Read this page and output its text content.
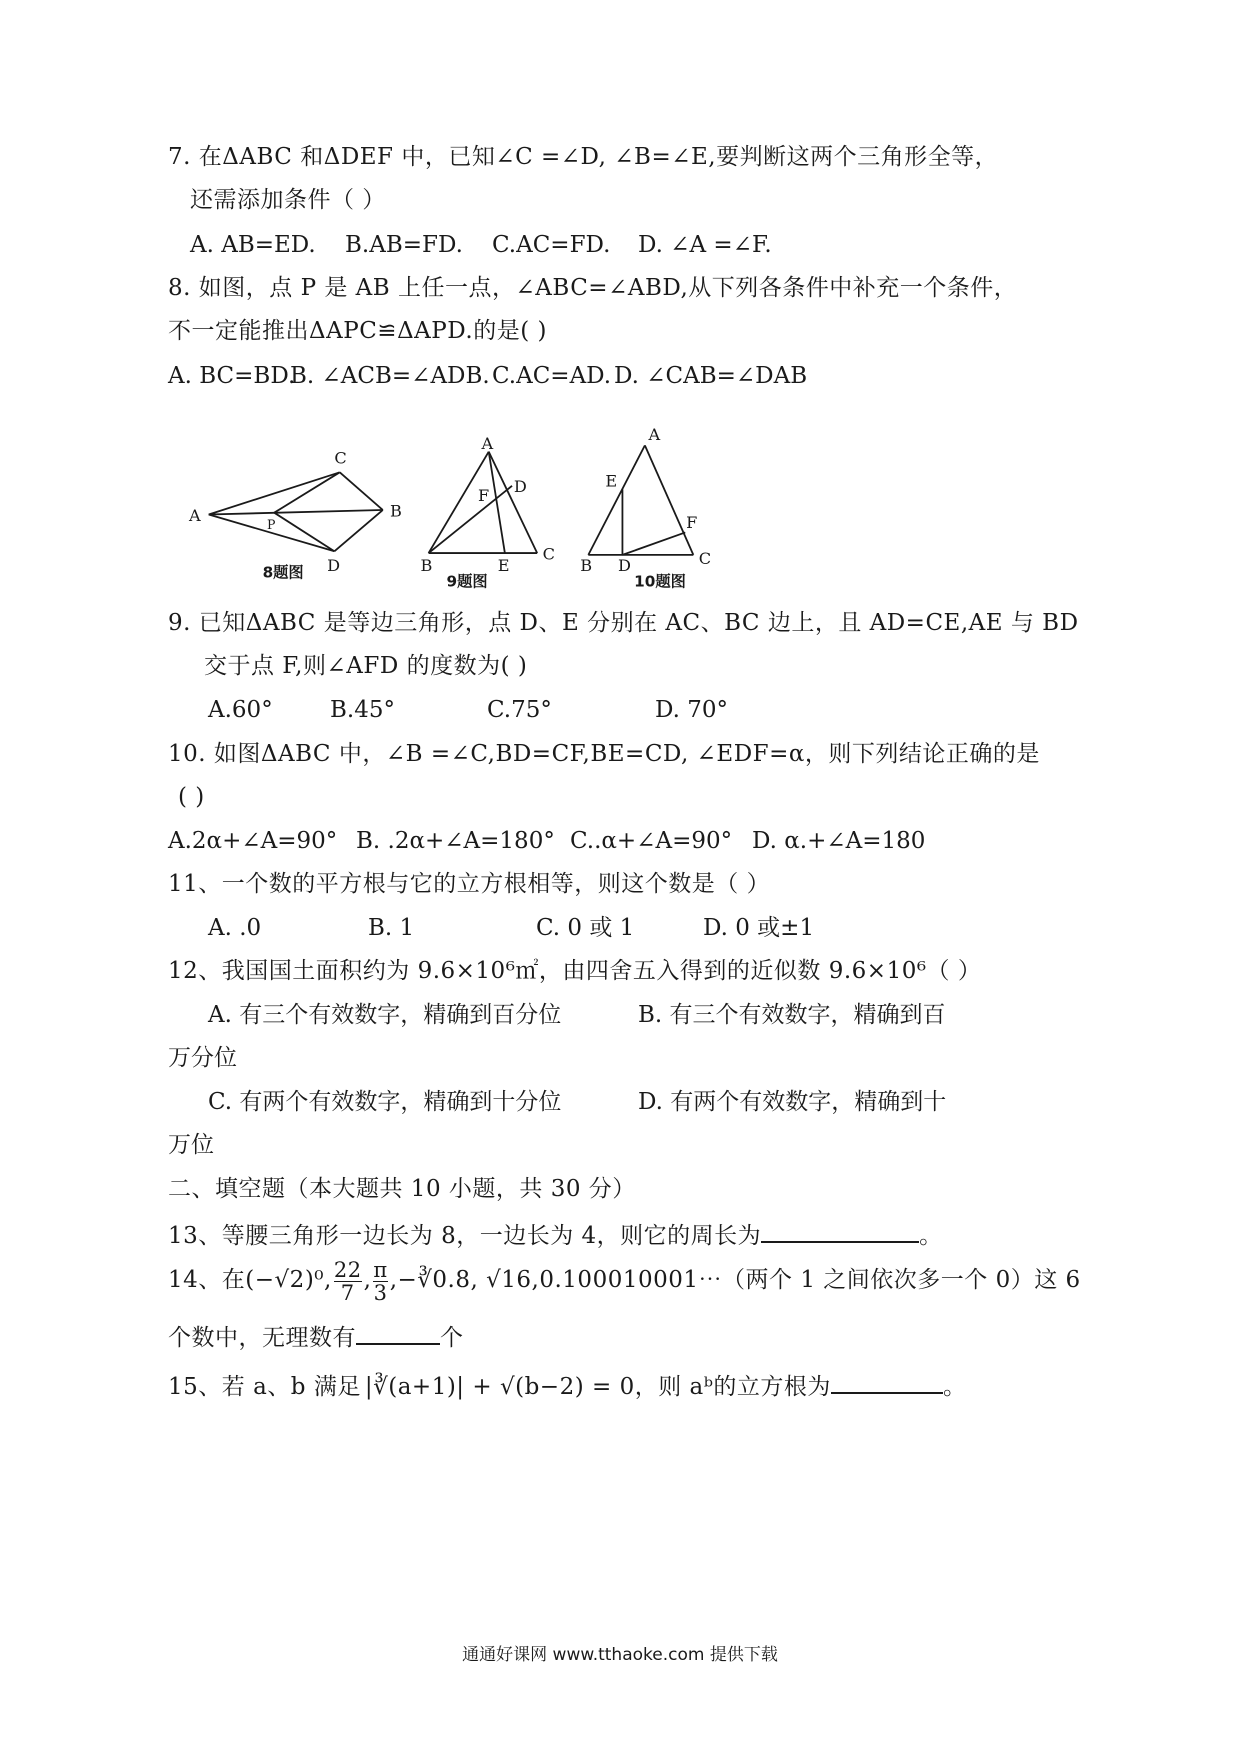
7. 在ΔABC 和ΔDEF 中，已知∠C =∠D, ∠B=∠E,要判断这两个三角形全等，
还需添加条件（ ）
A. AB=ED. B.AB=FD. C.AC=FD. D. ∠A =∠F.
8. 如图，点 P 是 AB 上任一点，∠ABC=∠ABD,从下列各条件中补充一个条件，
不一定能推出ΔAPC≌ΔAPD.的是( )
A. BC=BD.
B. ∠ACB=∠ADB. C.AC=AD. D. ∠CAB=∠DAB
A
C
P
B
D
8题图
A
D
F
B	E
C
9题图
A
E
F
B D	C
10题图
9. 已知ΔABC 是等边三角形，点 D、E 分别在 AC、BC 边上，且 AD=CE,AE 与 BD
交于点 F,则∠AFD 的度数为( )
A.60° B.45°	C.75°	D. 70°
10. 如图ΔABC 中，∠B =∠C,BD=CF,BE=CD, ∠EDF=α，则下列结论正确的是
( )
A.2α+∠A=90° B. .2α+∠A=180° C..α+∠A=90° D. α.+∠A=180
11、一个数的平方根与它的立方根相等，则这个数是（ ）
A. .0	B. 1	C. 0 或 1	D. 0 或±1
12、我国国土面积约为 9.6×10⁶㎡，由四舍五入得到的近似数 9.6×10⁶（ ）
A. 有三个有效数字，精确到百分位	B. 有三个有效数字，精确到百
万分位
C. 有两个有效数字，精确到十分位	D. 有两个有效数字，精确到十
万位
二、填空题（本大题共 10 小题，共 30 分）
13、等腰三角形一边长为 8，一边长为 4，则它的周长为	。
14、在(−√2)⁰, $\frac{22}{7}$ , $\frac{\pi}{3}$ ,−∛0.8, √16,0.100010001⋯（两个 1 之间依次多一个 0）这 6
个数中，无理数有	个
15、若 a、b 满足 |∛(a+1)| + √(b−2) = 0，则 aᵇ的立方根为	。
通通好课网 www.tthaoke.com 提供下载
